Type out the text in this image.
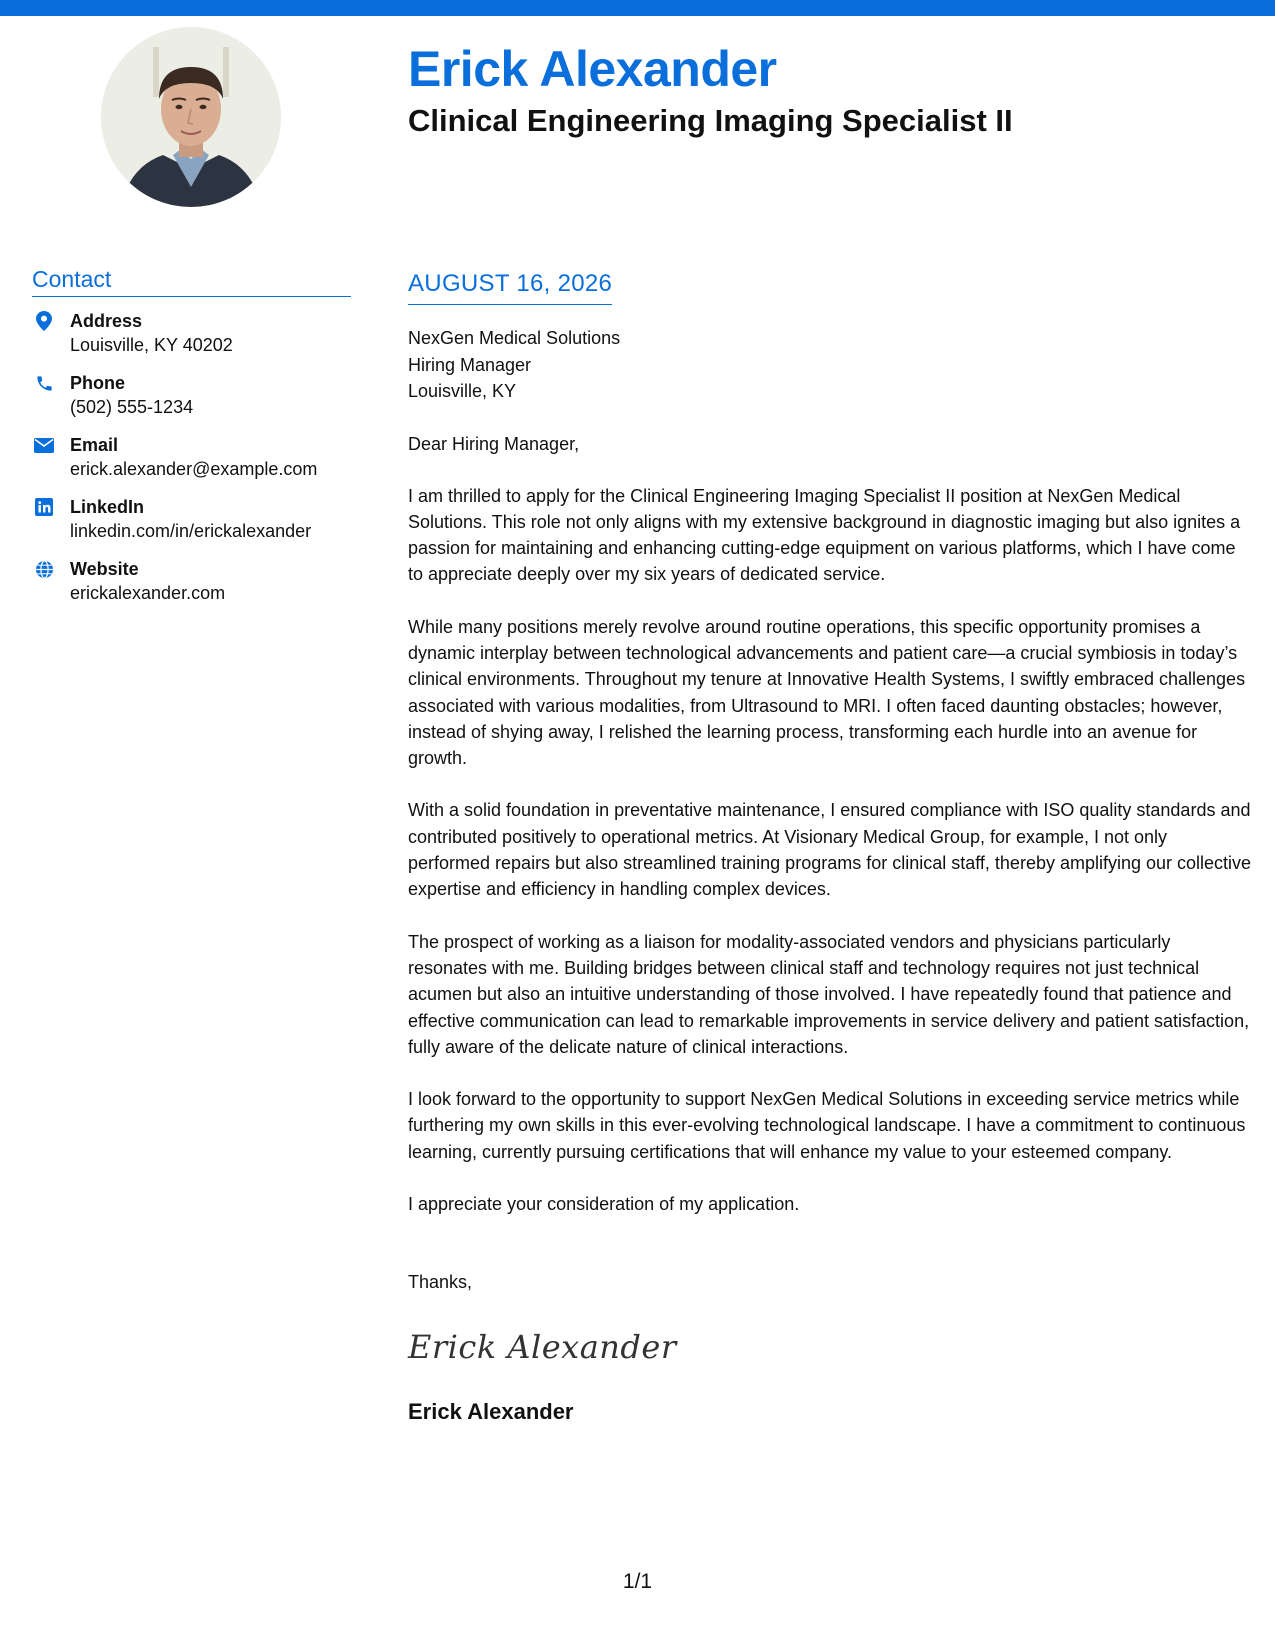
Erick Alexander
Clinical Engineering Imaging Specialist II
Contact
Address
Louisville, KY 40202
Phone
(502) 555-1234
Email
erick.alexander@example.com
LinkedIn
linkedin.com/in/erickalexander
Website
erickalexander.com
AUGUST 16, 2026
NexGen Medical Solutions
Hiring Manager
Louisville, KY
Dear Hiring Manager,

I am thrilled to apply for the Clinical Engineering Imaging Specialist II position at NexGen Medical Solutions. This role not only aligns with my extensive background in diagnostic imaging but also ignites a passion for maintaining and enhancing cutting-edge equipment on various platforms, which I have come to appreciate deeply over my six years of dedicated service.

While many positions merely revolve around routine operations, this specific opportunity promises a dynamic interplay between technological advancements and patient care—a crucial symbiosis in today’s clinical environments. Throughout my tenure at Innovative Health Systems, I swiftly embraced challenges associated with various modalities, from Ultrasound to MRI. I often faced daunting obstacles; however, instead of shying away, I relished the learning process, transforming each hurdle into an avenue for growth.

With a solid foundation in preventative maintenance, I ensured compliance with ISO quality standards and contributed positively to operational metrics. At Visionary Medical Group, for example, I not only performed repairs but also streamlined training programs for clinical staff, thereby amplifying our collective expertise and efficiency in handling complex devices.

The prospect of working as a liaison for modality-associated vendors and physicians particularly resonates with me. Building bridges between clinical staff and technology requires not just technical acumen but also an intuitive understanding of those involved. I have repeatedly found that patience and effective communication can lead to remarkable improvements in service delivery and patient satisfaction, fully aware of the delicate nature of clinical interactions.

I look forward to the opportunity to support NexGen Medical Solutions in exceeding service metrics while furthering my own skills in this ever-evolving technological landscape. I have a commitment to continuous learning, currently pursuing certifications that will enhance my value to your esteemed company.

I appreciate your consideration of my application.

Thanks,
Erick Alexander
Erick Alexander
1/1
